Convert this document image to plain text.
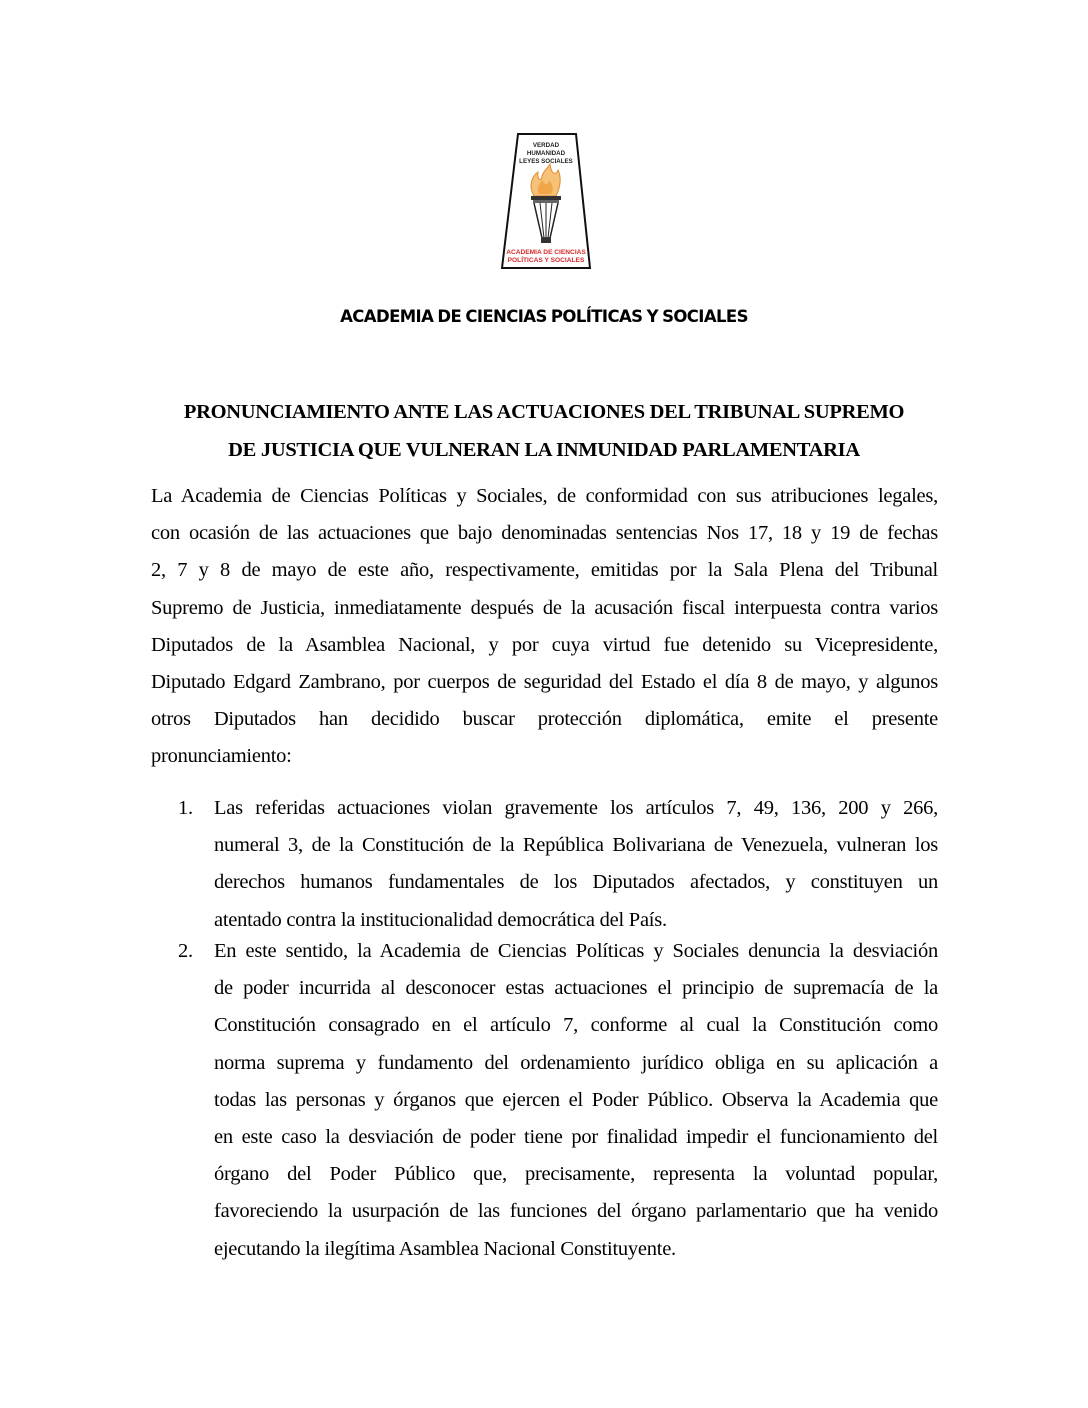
VERDAD
HUMANIDAD
LEYES SOCIALES
ACADEMIA DE CIENCIAS
POLÍTICAS Y SOCIALES
ACADEMIA DE CIENCIAS POLÍTICAS Y SOCIALES
PRONUNCIAMIENTO ANTE LAS ACTUACIONES DEL TRIBUNAL SUPREMO
DE JUSTICIA QUE VULNERAN LA INMUNIDAD PARLAMENTARIA
La Academia de Ciencias Políticas y Sociales, de conformidad con sus atribuciones legales,
con ocasión de las actuaciones que bajo denominadas sentencias Nos 17, 18 y 19 de fechas
2, 7 y 8 de mayo de este año, respectivamente, emitidas por la Sala Plena del Tribunal
Supremo de Justicia, inmediatamente después de la acusación fiscal interpuesta contra varios
Diputados de la Asamblea Nacional, y por cuya virtud fue detenido su Vicepresidente,
Diputado Edgard Zambrano, por cuerpos de seguridad del Estado el día 8 de mayo, y algunos
otros Diputados han decidido buscar protección diplomática, emite el presente
pronunciamiento:
1. Las referidas actuaciones violan gravemente los artículos 7, 49, 136, 200 y 266,
numeral 3, de la Constitución de la República Bolivariana de Venezuela, vulneran los
derechos humanos fundamentales de los Diputados afectados, y constituyen un
atentado contra la institucionalidad democrática del País.
2. En este sentido, la Academia de Ciencias Políticas y Sociales denuncia la desviación
de poder incurrida al desconocer estas actuaciones el principio de supremacía de la
Constitución consagrado en el artículo 7, conforme al cual la Constitución como
norma suprema y fundamento del ordenamiento jurídico obliga en su aplicación a
todas las personas y órganos que ejercen el Poder Público. Observa la Academia que
en este caso la desviación de poder tiene por finalidad impedir el funcionamiento del
órgano del Poder Público que, precisamente, representa la voluntad popular,
favoreciendo la usurpación de las funciones del órgano parlamentario que ha venido
ejecutando la ilegítima Asamblea Nacional Constituyente.
